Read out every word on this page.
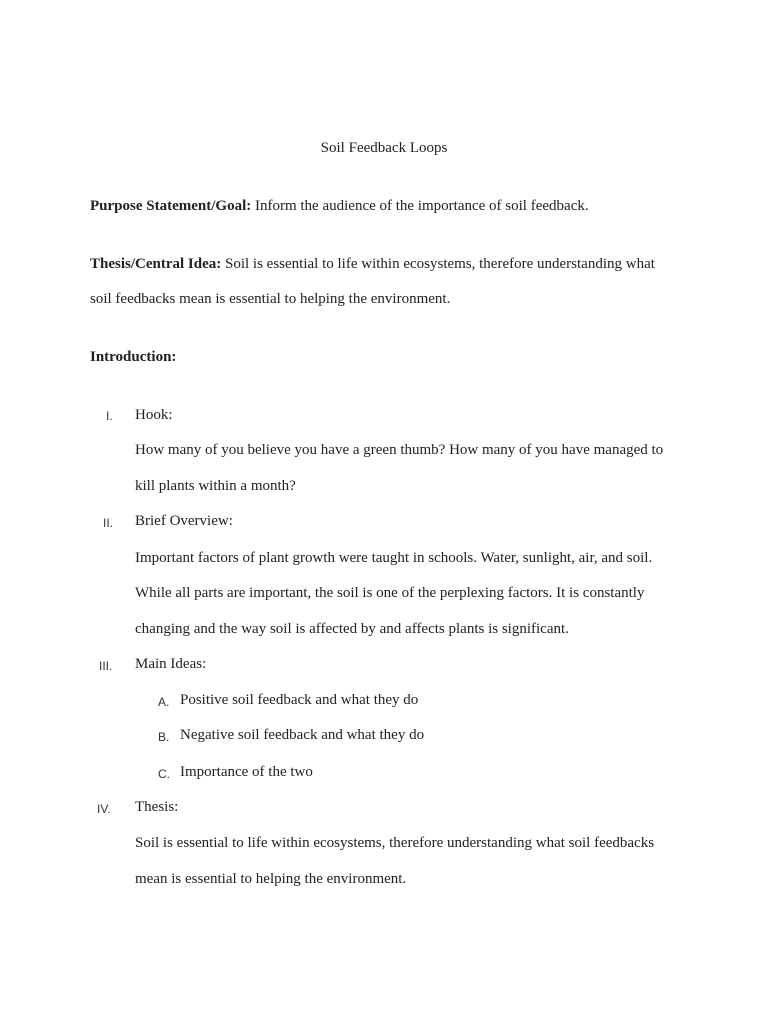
Soil Feedback Loops
Purpose Statement/Goal: Inform the audience of the importance of soil feedback.
Thesis/Central Idea: Soil is essential to life within ecosystems, therefore understanding what
soil feedbacks mean is essential to helping the environment.
Introduction:
I. Hook:
How many of you believe you have a green thumb? How many of you have managed to
kill plants within a month?
II. Brief Overview:
Important factors of plant growth were taught in schools. Water, sunlight, air, and soil.
While all parts are important, the soil is one of the perplexing factors. It is constantly
changing and the way soil is affected by and affects plants is significant.
III. Main Ideas:
A. Positive soil feedback and what they do
B. Negative soil feedback and what they do
C. Importance of the two
IV. Thesis:
Soil is essential to life within ecosystems, therefore understanding what soil feedbacks
mean is essential to helping the environment.
